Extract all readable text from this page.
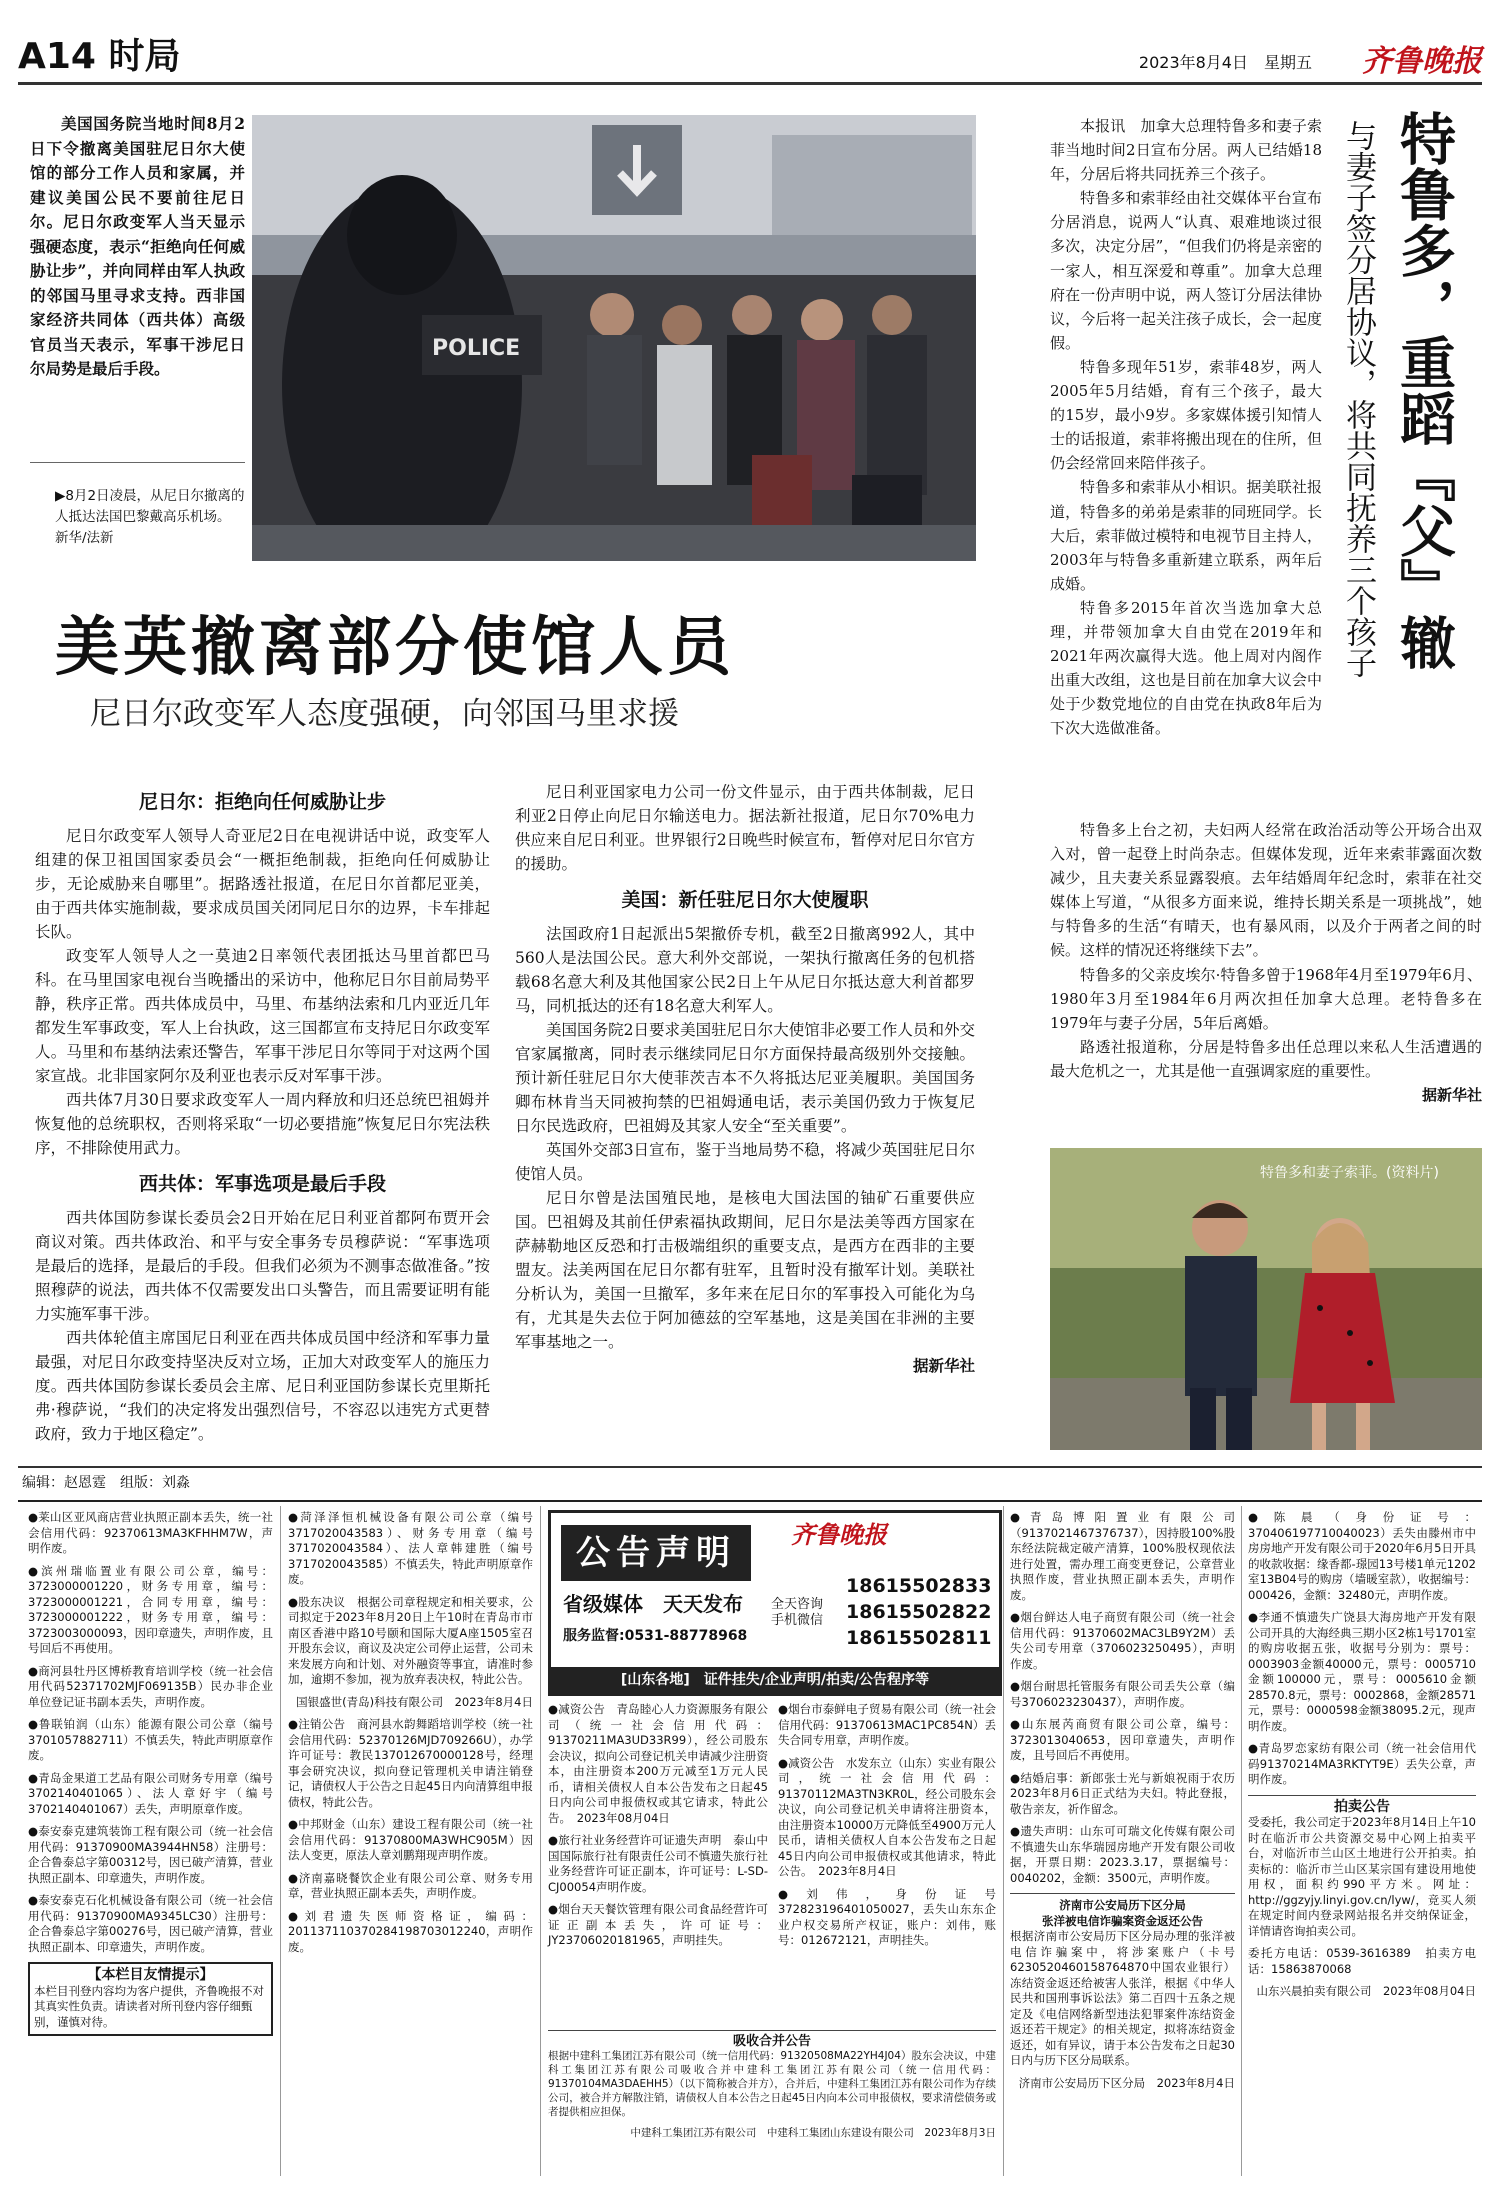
A14 时局	2023年8月4日　星期五 齐鲁晚报

美国国务院当地时间8月2日下令撤离美国驻尼日尔大使馆的部分工作人员和家属，并建议美国公民不要前往尼日尔。尼日尔政变军人当天显示强硬态度，表示“拒绝向任何威胁让步”，并向同样由军人执政的邻国马里寻求支持。西非国家经济共同体（西共体）高级官员当天表示，军事干涉尼日尔局势是最后手段。

▶8月2日凌晨，从尼日尔撤离的人抵达法国巴黎戴高乐机场。 新华/法新
POLICE
美英撤离部分使馆人员
尼日尔政变军人态度强硬，向邻国马里求援
尼日尔：拒绝向任何威胁让步

尼日尔政变军人领导人奇亚尼2日在电视讲话中说，政变军人组建的保卫祖国国家委员会“一概拒绝制裁，拒绝向任何威胁让步，无论威胁来自哪里”。据路透社报道，在尼日尔首都尼亚美，由于西共体实施制裁，要求成员国关闭同尼日尔的边界，卡车排起长队。

政变军人领导人之一莫迪2日率领代表团抵达马里首都巴马科。在马里国家电视台当晚播出的采访中，他称尼日尔目前局势平静，秩序正常。西共体成员中，马里、布基纳法索和几内亚近几年都发生军事政变，军人上台执政，这三国都宣布支持尼日尔政变军人。马里和布基纳法索还警告，军事干涉尼日尔等同于对这两个国家宣战。北非国家阿尔及利亚也表示反对军事干涉。

西共体7月30日要求政变军人一周内释放和归还总统巴祖姆并恢复他的总统职权，否则将采取“一切必要措施”恢复尼日尔宪法秩序，不排除使用武力。

西共体：军事选项是最后手段

西共体国防参谋长委员会2日开始在尼日利亚首都阿布贾开会商议对策。西共体政治、和平与安全事务专员穆萨说：“军事选项是最后的选择，是最后的手段。但我们必须为不测事态做准备。”按照穆萨的说法，西共体不仅需要发出口头警告，而且需要证明有能力实施军事干涉。

西共体轮值主席国尼日利亚在西共体成员国中经济和军事力量最强，对尼日尔政变持坚决反对立场，正加大对政变军人的施压力度。西共体国防参谋长委员会主席、尼日利亚国防参谋长克里斯托弗·穆萨说，“我们的决定将发出强烈信号，不容忍以违宪方式更替政府，致力于地区稳定”。

尼日利亚国家电力公司一份文件显示，由于西共体制裁，尼日利亚2日停止向尼日尔输送电力。据法新社报道，尼日尔70%电力供应来自尼日利亚。世界银行2日晚些时候宣布，暂停对尼日尔官方的援助。

美国：新任驻尼日尔大使履职

法国政府1日起派出5架撤侨专机，截至2日撤离992人，其中560人是法国公民。意大利外交部说，一架执行撤离任务的包机搭载68名意大利及其他国家公民2日上午从尼日尔抵达意大利首都罗马，同机抵达的还有18名意大利军人。

美国国务院2日要求美国驻尼日尔大使馆非必要工作人员和外交官家属撤离，同时表示继续同尼日尔方面保持最高级别外交接触。预计新任驻尼日尔大使菲茨吉本不久将抵达尼亚美履职。美国国务卿布林肯当天同被拘禁的巴祖姆通电话，表示美国仍致力于恢复尼日尔民选政府，巴祖姆及其家人安全“至关重要”。

英国外交部3日宣布，鉴于当地局势不稳，将减少英国驻尼日尔使馆人员。

尼日尔曾是法国殖民地，是核电大国法国的铀矿石重要供应国。巴祖姆及其前任伊索福执政期间，尼日尔是法美等西方国家在萨赫勒地区反恐和打击极端组织的重要支点，是西方在西非的主要盟友。法美两国在尼日尔都有驻军，且暂时没有撤军计划。美联社分析认为，美国一旦撤军，多年来在尼日尔的军事投入可能化为乌有，尤其是失去位于阿加德兹的空军基地，这是美国在非洲的主要军事基地之一。

据新华社
特鲁多，重蹈『父』辙
与妻子签分居协议，将共同抚养三个孩子

本报讯　加拿大总理特鲁多和妻子索菲当地时间2日宣布分居。两人已结婚18年，分居后将共同抚养三个孩子。

特鲁多和索菲经由社交媒体平台宣布分居消息，说两人“认真、艰难地谈过很多次，决定分居”，“但我们仍将是亲密的一家人，相互深爱和尊重”。加拿大总理府在一份声明中说，两人签订分居法律协议，今后将一起关注孩子成长，会一起度假。

特鲁多现年51岁，索菲48岁，两人2005年5月结婚，育有三个孩子，最大的15岁，最小9岁。多家媒体援引知情人士的话报道，索菲将搬出现在的住所，但仍会经常回来陪伴孩子。

特鲁多和索菲从小相识。据美联社报道，特鲁多的弟弟是索菲的同班同学。长大后，索菲做过模特和电视节目主持人，2003年与特鲁多重新建立联系，两年后成婚。

特鲁多2015年首次当选加拿大总理，并带领加拿大自由党在2019年和2021年两次赢得大选。他上周对内阁作出重大改组，这也是目前在加拿大议会中处于少数党地位的自由党在执政8年后为下次大选做准备。

特鲁多上台之初，夫妇两人经常在政治活动等公开场合出双入对，曾一起登上时尚杂志。但媒体发现，近年来索菲露面次数减少，且夫妻关系显露裂痕。去年结婚周年纪念时，索菲在社交媒体上写道，“从很多方面来说，维持长期关系是一项挑战”，她与特鲁多的生活“有晴天，也有暴风雨，以及介于两者之间的时候。这样的情况还将继续下去”。

特鲁多的父亲皮埃尔·特鲁多曾于1968年4月至1979年6月、1980年3月至1984年6月两次担任加拿大总理。老特鲁多在1979年与妻子分居，5年后离婚。

路透社报道称，分居是特鲁多出任总理以来私人生活遭遇的最大危机之一，尤其是他一直强调家庭的重要性。

据新华社
特鲁多和妻子索菲。(资料片)
编辑：赵恩霆　组版：刘淼

●莱山区亚风商店营业执照正副本丢失，统一社会信用代码：92370613MA3KFHHM7W，声明作废。

●滨州瑞临置业有限公司公章，编号：3723000001220，财务专用章，编号：3723000001221，合同专用章，编号：3723000001222，财务专用章，编号：3723003000093，因印章遗失，声明作废，且号回后不再使用。

●商河县牡丹区博桥教育培训学校（统一社会信用代码52371702MJF069135B）民办非企业单位登记证书副本丢失，声明作废。

●鲁联铂润（山东）能源有限公司公章（编号3701057882711）不慎丢失，特此声明原章作废。

●青岛金果道工艺品有限公司财务专用章（编号3702140401065）、法人章好宇（编号3702140401067）丢失，声明原章作废。

●泰安泰克建筑装饰工程有限公司（统一社会信用代码：91370900MA3944HN58）注册号：企合鲁泰总字第00312号，因已破产清算，营业执照正副本、印章遗失，声明作废。

●泰安泰克石化机械设备有限公司（统一社会信用代码：91370900MA9345LC30）注册号：企合鲁泰总字第00276号，因已破产清算，营业执照正副本、印章遗失，声明作废。

【本栏目友情提示】
本栏目刊登内容均为客户提供，齐鲁晚报不对其真实性负责。请读者对所刊登内容仔细甄别，谨慎对待。

●菏泽泽恒机械设备有限公司公章（编号3717020043583）、财务专用章（编号3717020043584）、法人章韩建胜（编号3717020043585）不慎丢失，特此声明原章作废。

●股东决议　根据公司章程规定和相关要求，公司拟定于2023年8月20日上午10时在青岛市市南区香港中路10号颐和国际大厦A座1505室召开股东会议，商议及决定公司停止运营，公司未来发展方向和计划、对外融资等事宜，请准时参加，逾期不参加，视为放弃表决权，特此公告。

国银盛世(青岛)科技有限公司　2023年8月4日

●注销公告　商河县水韵舞蹈培训学校（统一社会信用代码：52370126MJD709266U），办学许可证号：教民137012670000128号，经理事会研究决议，拟向登记管理机关申请注销登记，请债权人于公告之日起45日内向清算组申报债权，特此公告。

●中邦财金（山东）建设工程有限公司（统一社会信用代码：91370800MA3WHC905M）因法人变更，原法人章刘鹏翔现声明作废。

●济南嘉晓餐饮企业有限公司公章、财务专用章，营业执照正副本丢失，声明作废。

●刘君遗失医师资格证，编码：201137110370284198703012240，声明作废。

公告声明	齐鲁晚报
省级媒体　天天发布
服务监督:0531-88778968
全天咨询
手机微信
18615502833
18615502822
18615502811
[山东各地]　证件挂失/企业声明/拍卖/公告程序等

●减资公告　青岛睦心人力资源服务有限公司（统一社会信用代码：91370211MA3UD33R99），经公司股东会决议，拟向公司登记机关申请减少注册资本，由注册资本200万元减至1万元人民币，请相关债权人自本公告发布之日起45日内向公司申报债权或其它请求，特此公告。　2023年08月04日

●旅行社业务经营许可证遗失声明　泰山中国国际旅行社有限责任公司不慎遗失旅行社业务经营许可证正副本，许可证号：L-SD-CJ00054声明作废。

●烟台天天餐饮管理有限公司食品经营许可证正副本丢失，许可证号：JY23706020181965，声明挂失。

●烟台市泰鲜电子贸易有限公司（统一社会信用代码：91370613MAC1PC854N）丢失合同专用章，声明作废。

●减资公告　水发东立（山东）实业有限公司，统一社会信用代码：91370112MA3TN3KR0L，经公司股东会决议，向公司登记机关申请将注册资本，由注册资本10000万元降低至4900万元人民币，请相关债权人自本公告发布之日起45日内向公司申报债权或其他请求，特此公告。　2023年8月4日

●刘伟，身份证号372823196401050027，丢失山东东企业户权交易所产权证，账户：刘伟，账号：012672121，声明挂失。

吸收合并公告

根据中建科工集团江苏有限公司（统一信用代码：91320508MA22YH4J04）股东会决议，中建科工集团江苏有限公司吸收合并中建科工集团江苏有限公司（统一信用代码：91370104MA3DAEHH5）（以下简称被合并方），合并后，中建科工集团江苏有限公司作为存续公司，被合并方解散注销，请债权人自本公告之日起45日内向本公司申报债权，要求清偿债务或者提供相应担保。

中建科工集团江苏有限公司　中建科工集团山东建设有限公司　2023年8月3日

●青岛博阳置业有限公司（9137021467376737），因持股100%股东经法院裁定破产清算，100%股权现依法进行处置，需办理工商变更登记，公章营业执照作废，营业执照正副本丢失，声明作废。

●烟台鲜达人电子商贸有限公司（统一社会信用代码：91370602MAC3LB9Y2M）丢失公司专用章（3706023250495），声明作废。

●烟台耐思托管服务有限公司丢失公章（编号3706023230437），声明作废。

●山东展芮商贸有限公司公章，编号：3723013040653，因印章遗失，声明作废，且号回后不再使用。

●结婚启事：新郎张士光与新娘祝雨于农历2023年8月6日正式结为夫妇。特此登报，敬告亲友，祈作留念。

●遗失声明：山东可可瑞文化传媒有限公司不慎遗失山东华瑞园房地产开发有限公司收据，开票日期：2023.3.17，票据编号：0040202，金额：3500元，声明作废。

济南市公安局历下区分局
张洋被电信诈骗案资金返还公告

根据济南市公安局历下区分局办理的张洋被电信诈骗案中，将涉案账户（卡号6230520460158764870中国农业银行）冻结资金返还给被害人张洋，根据《中华人民共和国刑事诉讼法》第二百四十五条之规定及《电信网络新型违法犯罪案件冻结资金返还若干规定》的相关规定，拟将冻结资金返还，如有异议，请于本公告发布之日起30日内与历下区分局联系。

济南市公安局历下区分局　2023年8月4日

●陈晨（身份证号：370406197710040023）丢失由滕州市中房房地产开发有限公司于2020年6月5日开具的收款收据：缘香都-璟园13号楼1单元1202室13B04号的购房（墙暖室款），收据编号：000426，金额：32480元，声明作废。

●李通不慎遗失广饶县大海房地产开发有限公司开具的大海经典三期小区2栋1号1701室的购房收据五张，收据号分别为：票号：0003903金额40000元，票号：0005710金额100000元，票号：0005610金额28570.8元，票号：0002868，金额28571元，票号：0000598金额38095.2元，现声明作废。

●青岛罗恋家纺有限公司（统一社会信用代码91370214MA3RKTYT9E）丢失公章，声明作废。

拍卖公告

受委托，我公司定于2023年8月14日上午10时在临沂市公共资源交易中心网上拍卖平台，对临沂市兰山区土地进行公开拍卖。拍卖标的：临沂市兰山区某宗国有建设用地使用权，面积约990平方米。网址：http://ggzyjy.linyi.gov.cn/lyw/，竞买人须在规定时间内登录网站报名并交纳保证金，详情请咨询拍卖公司。

委托方电话：0539-3616389　拍卖方电话：15863870068

山东兴晨拍卖有限公司　2023年08月04日
